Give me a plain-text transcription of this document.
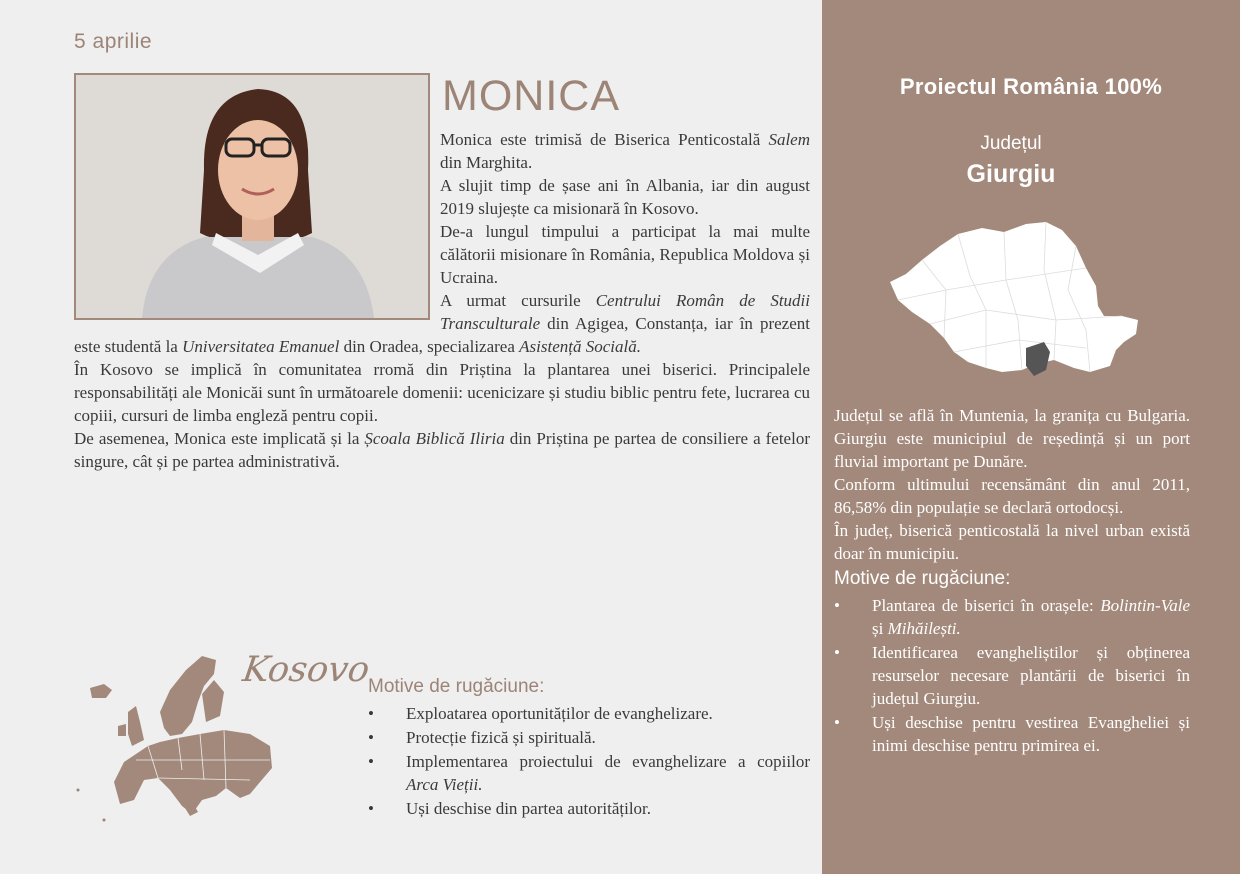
5 aprilie
MONICA

Monica este trimisă de Biserica Penticostală Salem din Marghita.

A slujit timp de șase ani în Albania, iar din august 2019 slujește ca misionară în Kosovo.

De-a lungul timpului a participat la mai multe călătorii misionare în România, Republica Moldova și Ucraina.

A urmat cursurile Centrului Român de Studii Transculturale din Agigea, Constanța, iar în prezent este studentă la Universitatea Emanuel din Oradea, specializarea Asistență Socială.

În Kosovo se implică în comunitatea rromă din Priștina la plantarea unei biserici. Principalele responsabilități ale Monicăi sunt în următoarele domenii: ucenicizare și studiu biblic pentru fete, lucrarea cu copiii, cursuri de limba engleză pentru copii.

De asemenea, Monica este implicată și la Școala Biblică Iliria din Priștina pe partea de consiliere a fetelor singure, cât și pe partea administrativă.

Kosovo
Motive de rugăciune:
• Exploatarea oportunităților de evanghelizare.
• Protecție fizică și spirituală.
• Implementarea proiectului de evanghelizare a copiilor Arca Vieții.
• Uși deschise din partea autorităților.
Proiectul România 100%
Județul
Giurgiu

Județul se află în Muntenia, la granița cu Bulgaria. Giurgiu este municipiul de reședință și un port fluvial important pe Dunăre.

Conform ultimului recensământ din anul 2011, 86,58% din populație se declară ortodocși.

În județ, biserică penticostală la nivel urban există doar în municipiu.

Motive de rugăciune:
• Plantarea de biserici în orașele: Bolintin-Vale și Mihăilești.
• Identificarea evangheliștilor și obținerea resurselor necesare plantării de biserici în județul Giurgiu.
• Uși deschise pentru vestirea Evangheliei și inimi deschise pentru primirea ei.
